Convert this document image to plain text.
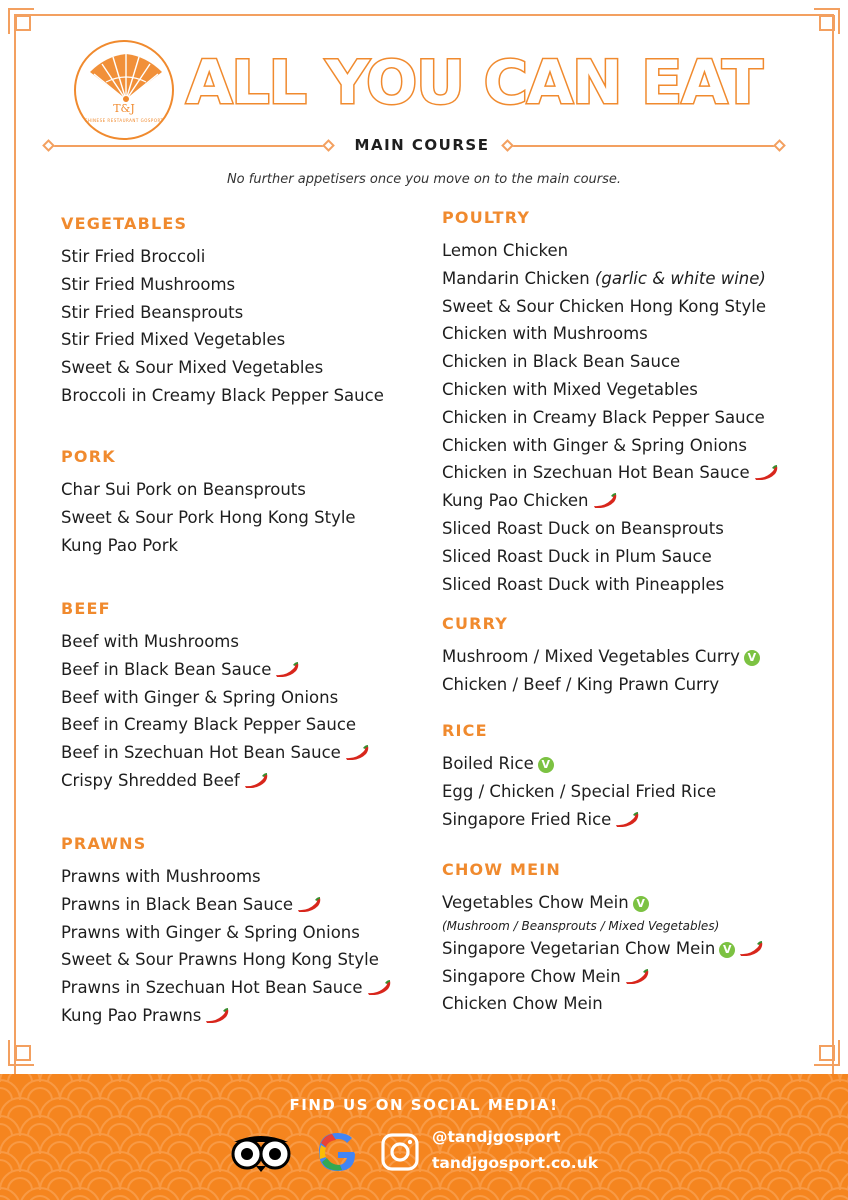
T&J
CHINESE RESTAURANT GOSPORT
ALL YOU CAN EAT
MAIN COURSE
No further appetisers once you move on to the main course.
VEGETABLES
Stir Fried Broccoli
Stir Fried Mushrooms
Stir Fried Beansprouts
Stir Fried Mixed Vegetables
Sweet & Sour Mixed Vegetables
Broccoli in Creamy Black Pepper Sauce
PORK
Char Sui Pork on Beansprouts
Sweet & Sour Pork Hong Kong Style
Kung Pao Pork
BEEF
Beef with Mushrooms
Beef in Black Bean Sauce
Beef with Ginger & Spring Onions
Beef in Creamy Black Pepper Sauce
Beef in Szechuan Hot Bean Sauce
Crispy Shredded Beef
PRAWNS
Prawns with Mushrooms
Prawns in Black Bean Sauce
Prawns with Ginger & Spring Onions
Sweet & Sour Prawns Hong Kong Style
Prawns in Szechuan Hot Bean Sauce
Kung Pao Prawns
POULTRY
Lemon Chicken
Mandarin Chicken (garlic & white wine)
Sweet & Sour Chicken Hong Kong Style
Chicken with Mushrooms
Chicken in Black Bean Sauce
Chicken with Mixed Vegetables
Chicken in Creamy Black Pepper Sauce
Chicken with Ginger & Spring Onions
Chicken in Szechuan Hot Bean Sauce
Kung Pao Chicken
Sliced Roast Duck on Beansprouts
Sliced Roast Duck in Plum Sauce
Sliced Roast Duck with Pineapples
CURRY
Mushroom / Mixed Vegetables Curry V
Chicken / Beef / King Prawn Curry
RICE
Boiled Rice V
Egg / Chicken / Special Fried Rice
Singapore Fried Rice
CHOW MEIN
Vegetables Chow Mein V
(Mushroom / Beansprouts / Mixed Vegetables)
Singapore Vegetarian Chow Mein V
Singapore Chow Mein
Chicken Chow Mein
FIND US ON SOCIAL MEDIA!
@tandjgosport
tandjgosport.co.uk
